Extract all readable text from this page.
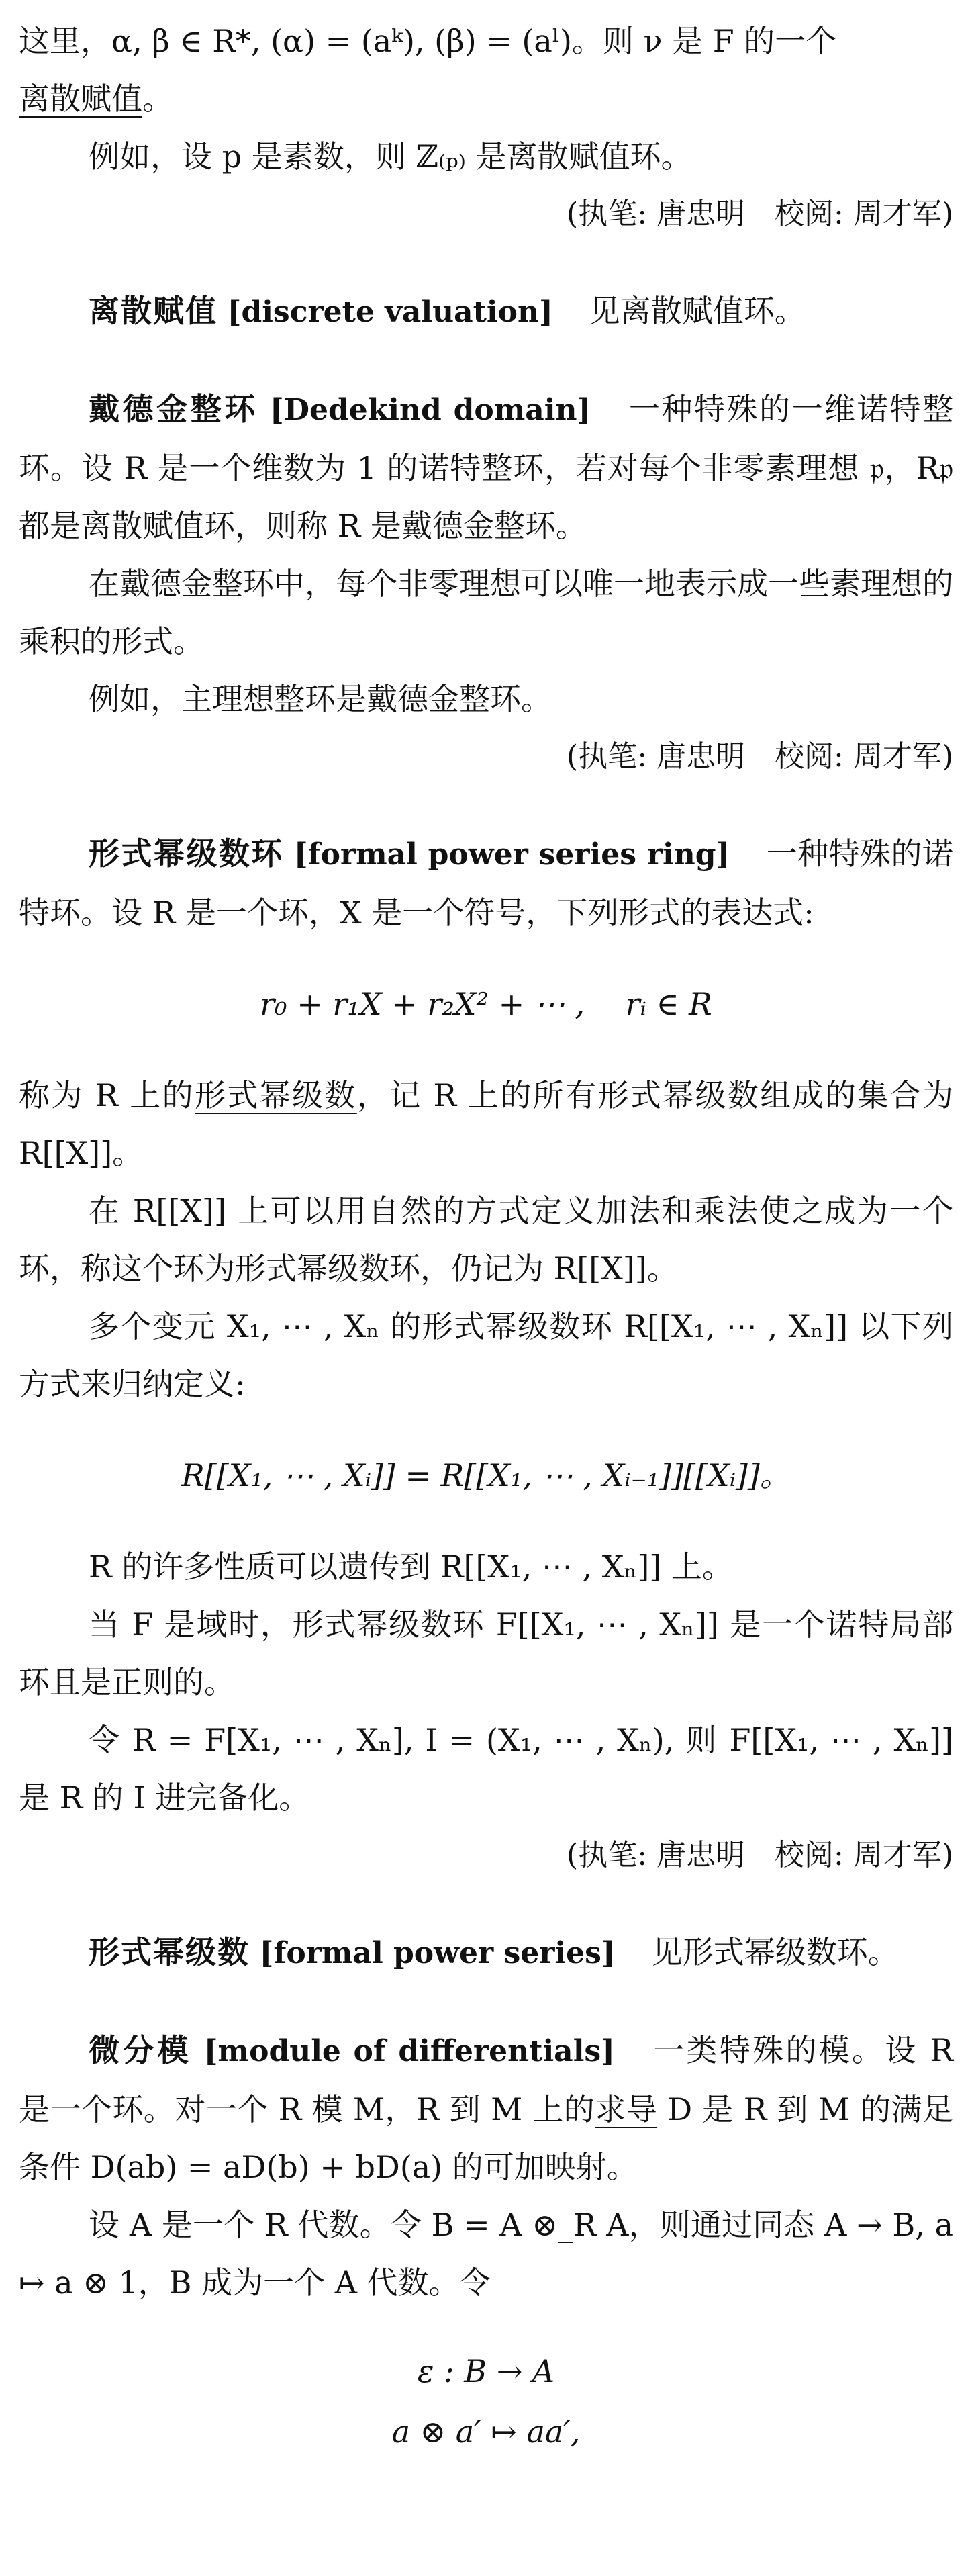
这里，α, β ∈ R*, (α) = (aᵏ), (β) = (aˡ)。则 ν 是 F 的一个
离散赋值。

例如，设 p 是素数，则 ℤ₍ₚ₎ 是离散赋值环。

(执笔: 唐忠明　校阅: 周才军)

离散赋值 [discrete valuation] 见离散赋值环。

戴德金整环 [Dedekind domain] 一种特殊的一维诺特整环。设 R 是一个维数为 1 的诺特整环，若对每个非零素理想 𝔭，R𝔭 都是离散赋值环，则称 R 是戴德金整环。

在戴德金整环中，每个非零理想可以唯一地表示成一些素理想的乘积的形式。

例如，主理想整环是戴德金整环。

(执笔: 唐忠明　校阅: 周才军)

形式幂级数环 [formal power series ring] 一种特殊的诺特环。设 R 是一个环，X 是一个符号，下列形式的表达式:

r₀ + r₁X + r₂X² + ⋯ ,　 rᵢ ∈ R

称为 R 上的形式幂级数，记 R 上的所有形式幂级数组成的集合为 R[[X]]。

在 R[[X]] 上可以用自然的方式定义加法和乘法使之成为一个环，称这个环为形式幂级数环，仍记为 R[[X]]。

多个变元 X₁, ⋯ , Xₙ 的形式幂级数环 R[[X₁, ⋯ , Xₙ]] 以下列方式来归纳定义:

R[[X₁, ⋯ , Xᵢ]] = R[[X₁, ⋯ , Xᵢ₋₁]][[Xᵢ]]。

R 的许多性质可以遗传到 R[[X₁, ⋯ , Xₙ]] 上。

当 F 是域时，形式幂级数环 F[[X₁, ⋯ , Xₙ]] 是一个诺特局部环且是正则的。

令 R = F[X₁, ⋯ , Xₙ], I = (X₁, ⋯ , Xₙ), 则 F[[X₁, ⋯ , Xₙ]] 是 R 的 I 进完备化。

(执笔: 唐忠明　校阅: 周才军)

形式幂级数 [formal power series] 见形式幂级数环。

微分模 [module of differentials] 一类特殊的模。设 R 是一个环。对一个 R 模 M，R 到 M 上的求导 D 是 R 到 M 的满足条件 D(ab) = aD(b) + bD(a) 的可加映射。

设 A 是一个 R 代数。令 B = A ⊗_R A，则通过同态 A → B, a ↦ a ⊗ 1，B 成为一个 A 代数。令

ε : B → A

a ⊗ a′ ↦ aa′,
